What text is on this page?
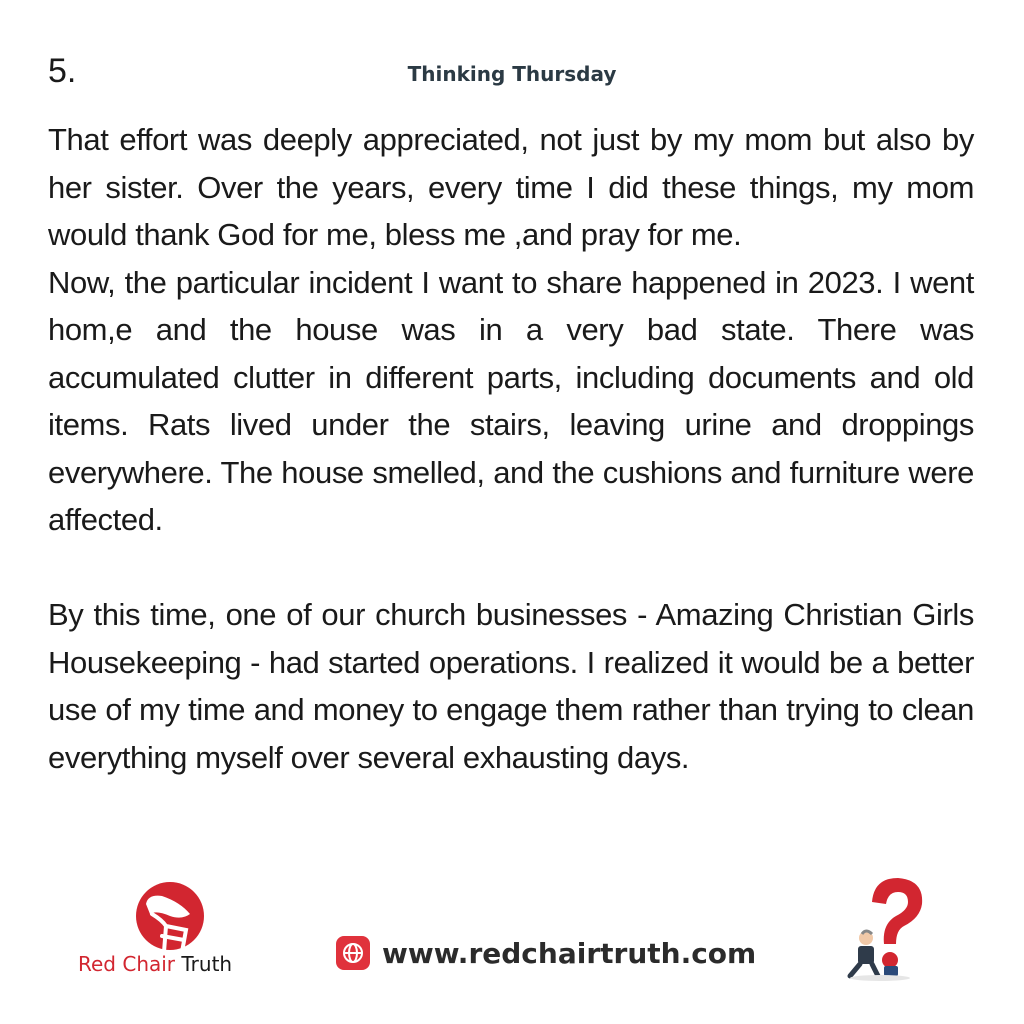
5.	Thinking Thursday

That effort was deeply appreciated, not just by my mom but also by her sister. Over the years, every time I did these things, my mom would thank God for me, bless me ,and pray for me.

Now, the particular incident I want to share happened in 2023. I went hom,e and the house was in a very bad state. There was accumulated clutter in different parts, including documents and old items. Rats lived under the stairs, leaving urine and droppings everywhere. The house smelled, and the cushions and furniture were affected.

By this time, one of our church businesses - Amazing Christian Girls Housekeeping - had started operations. I realized it would be a better use of my time and money to engage them rather than trying to clean everything myself over several exhausting days.

Red Chair Truth	www.redchairtruth.com
